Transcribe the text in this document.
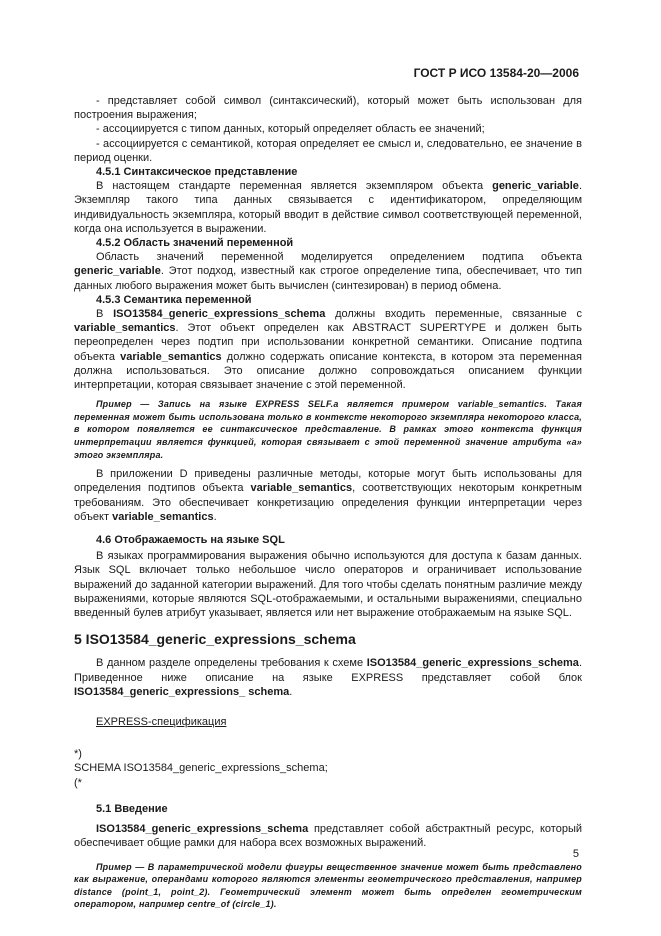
ГОСТ Р ИСО 13584-20—2006

- представляет собой символ (синтаксический), который может быть использован для построения выражения;

- ассоциируется с типом данных, который определяет область ее значений;

- ассоциируется с семантикой, которая определяет ее смысл и, следовательно, ее значение в период оценки.

4.5.1 Синтаксическое представление

В настоящем стандарте переменная является экземпляром объекта generic_variable. Экземпляр такого типа данных связывается с идентификатором, определяющим индивидуальность экземпляра, который вводит в действие символ соответствующей переменной, когда она используется в выражении.

4.5.2 Область значений переменной

Область значений переменной моделируется определением подтипа объекта generic_variable. Этот подход, известный как строгое определение типа, обеспечивает, что тип данных любого выражения может быть вычислен (синтезирован) в период обмена.

4.5.3 Семантика переменной

В ISO13584_generic_expressions_schema должны входить переменные, связанные с variable_semantics. Этот объект определен как ABSTRACT SUPERTYPE и должен быть переопределен через подтип при использовании конкретной семантики. Описание подтипа объекта variable_semantics должно содержать описание контекста, в котором эта переменная должна использоваться. Это описание должно сопровождаться описанием функции интерпретации, которая связывает значение с этой переменной.

Пример — Запись на языке EXPRESS SELF.a является примером variable_semantics. Такая переменная может быть использована только в контексте некоторого экземпляра некоторого класса, в котором появляется ее синтаксическое представление. В рамках этого контекста функция интерпретации является функцией, которая связывает с этой переменной значение атрибута «а» этого экземпляра.

В приложении D приведены различные методы, которые могут быть использованы для определения подтипов объекта variable_semantics, соответствующих некоторым конкретным требованиям. Это обеспечивает конкретизацию определения функции интерпретации через объект variable_semantics.

4.6 Отображаемость на языке SQL

В языках программирования выражения обычно используются для доступа к базам данных. Язык SQL включает только небольшое число операторов и ограничивает использование выражений до заданной категории выражений. Для того чтобы сделать понятным различие между выражениями, которые являются SQL-отображаемыми, и остальными выражениями, специально введенный булев атрибут указывает, является или нет выражение отображаемым на языке SQL.

5 ISO13584_generic_expressions_schema

В данном разделе определены требования к схеме ISO13584_generic_expressions_schema. Приведенное ниже описание на языке EXPRESS представляет собой блок ISO13584_generic_expressions_ schema.

EXPRESS-спецификация

*)

SCHEMA ISO13584_generic_expressions_schema;

(*

5.1 Введение

ISO13584_generic_expressions_schema представляет собой абстрактный ресурс, который обеспечивает общие рамки для набора всех возможных выражений.

Пример — В параметрической модели фигуры вещественное значение может быть представлено как выражение, операндами которого являются элементы геометрического представления, например distance (point_1, point_2). Геометрический элемент может быть определен геометрическим оператором, например centre_of (circle_1).

5
